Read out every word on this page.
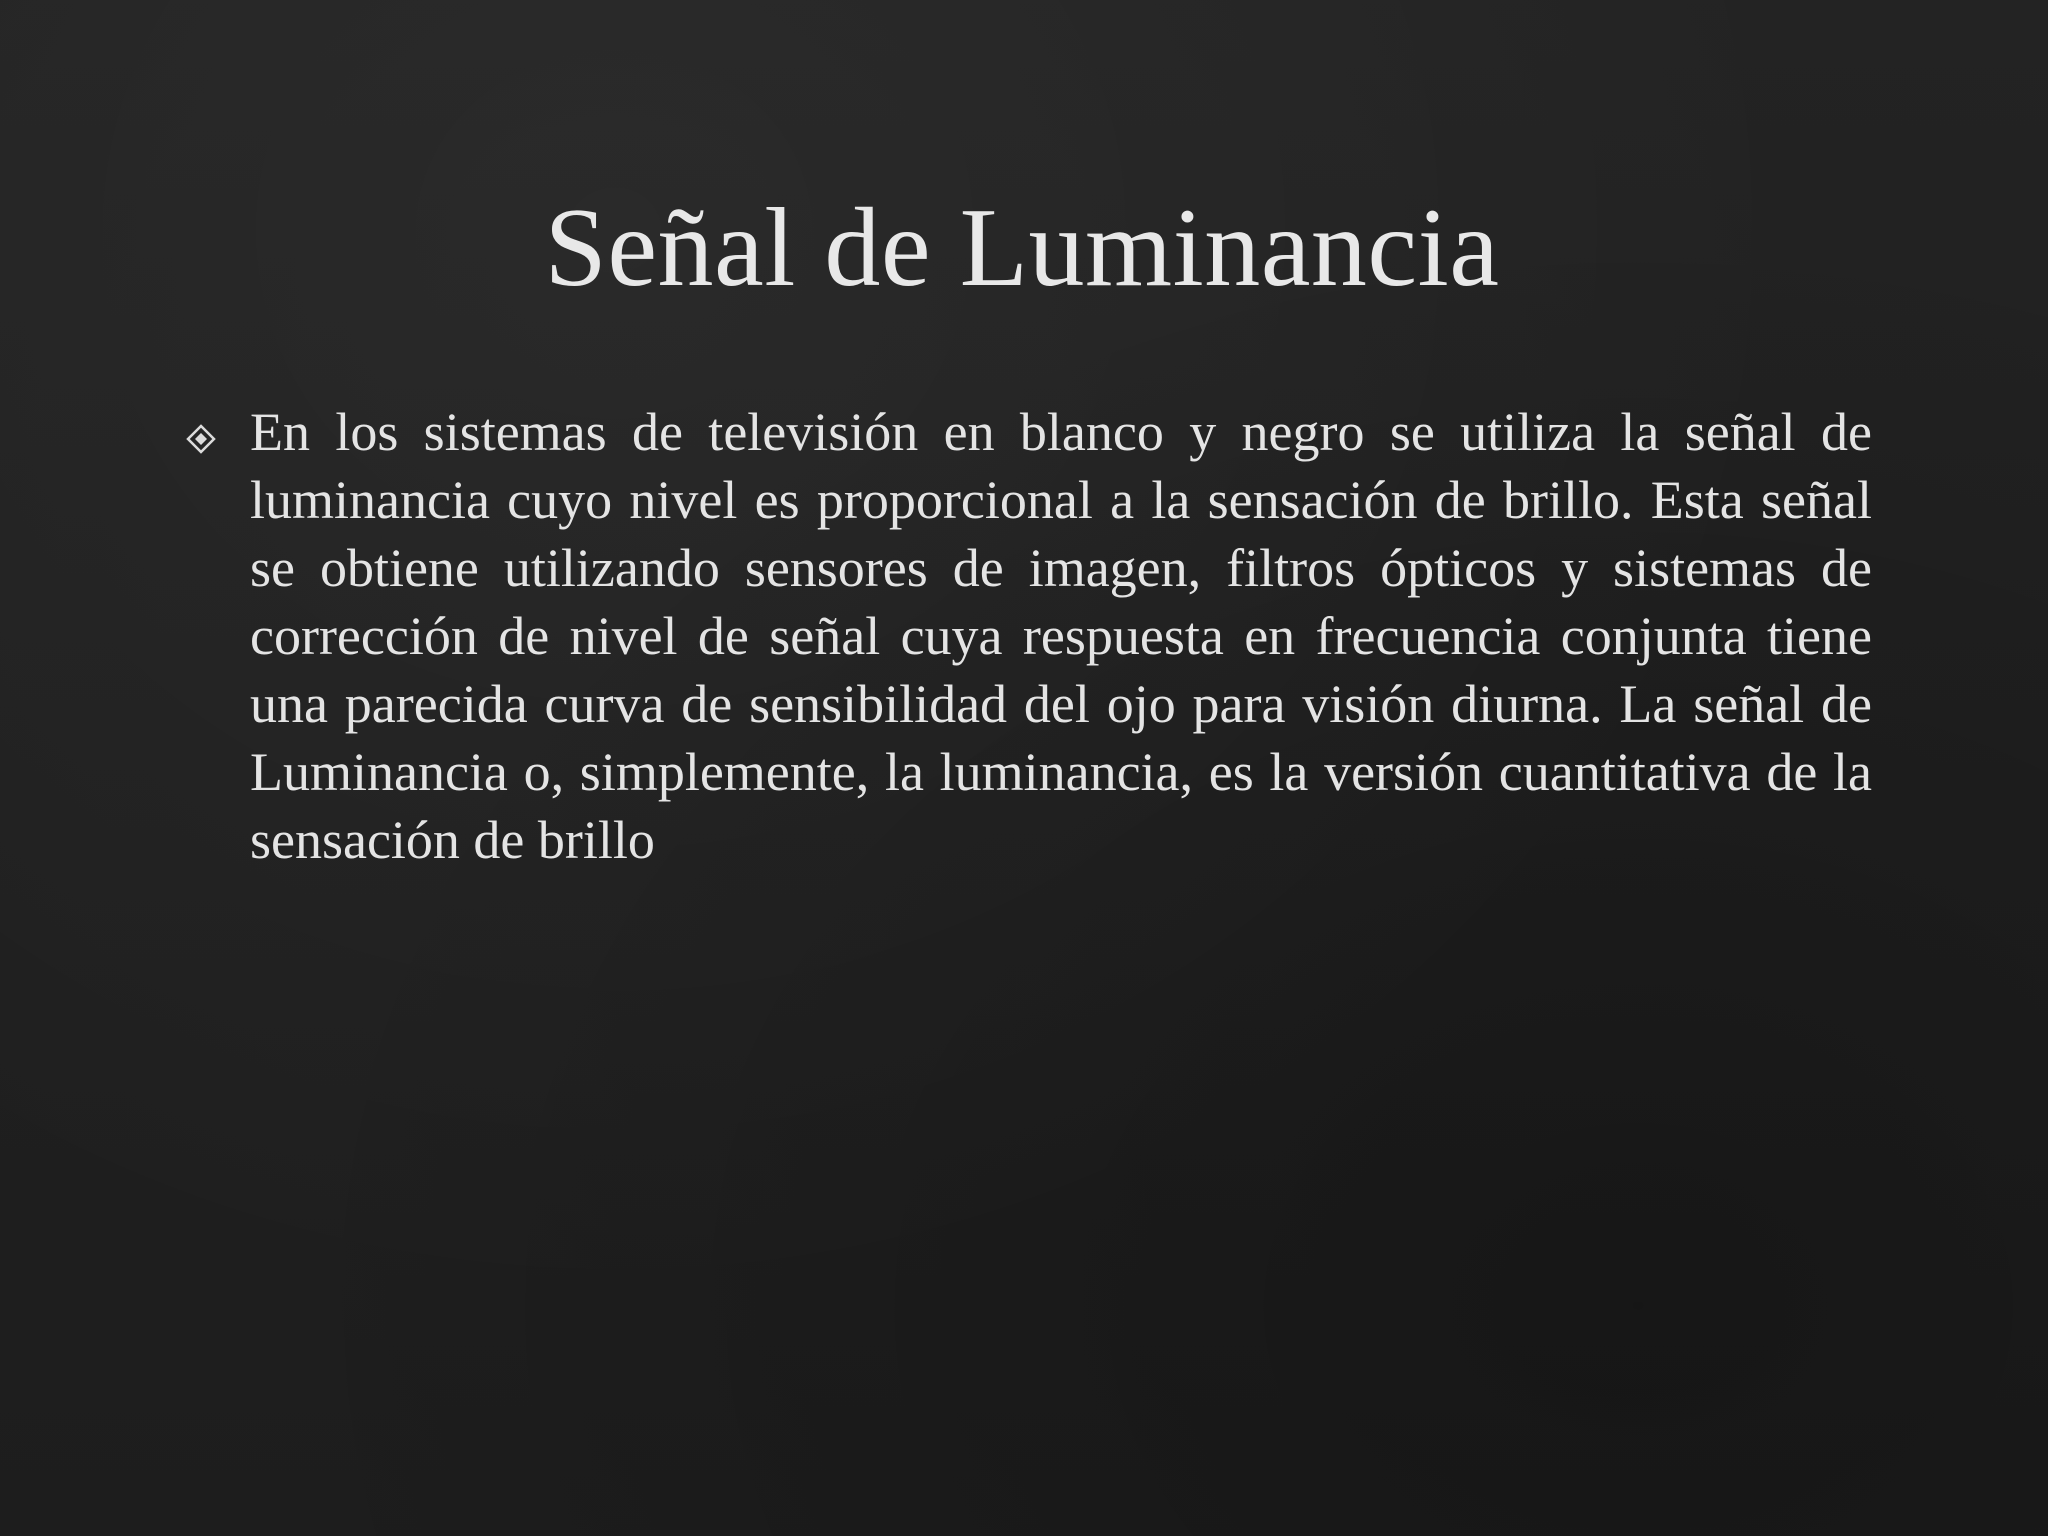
Señal de Luminancia

En los sistemas de televisión en blanco y negro se utiliza la señal de luminancia cuyo nivel es proporcional a la sensación de brillo. Esta señal se obtiene utilizando sensores de imagen, filtros ópticos y sistemas de corrección de nivel de señal cuya respuesta en frecuencia conjunta tiene una parecida curva de sensibilidad del ojo para visión diurna. La señal de Luminancia o, simplemente, la luminancia, es la versión cuantitativa de la sensación de brillo
